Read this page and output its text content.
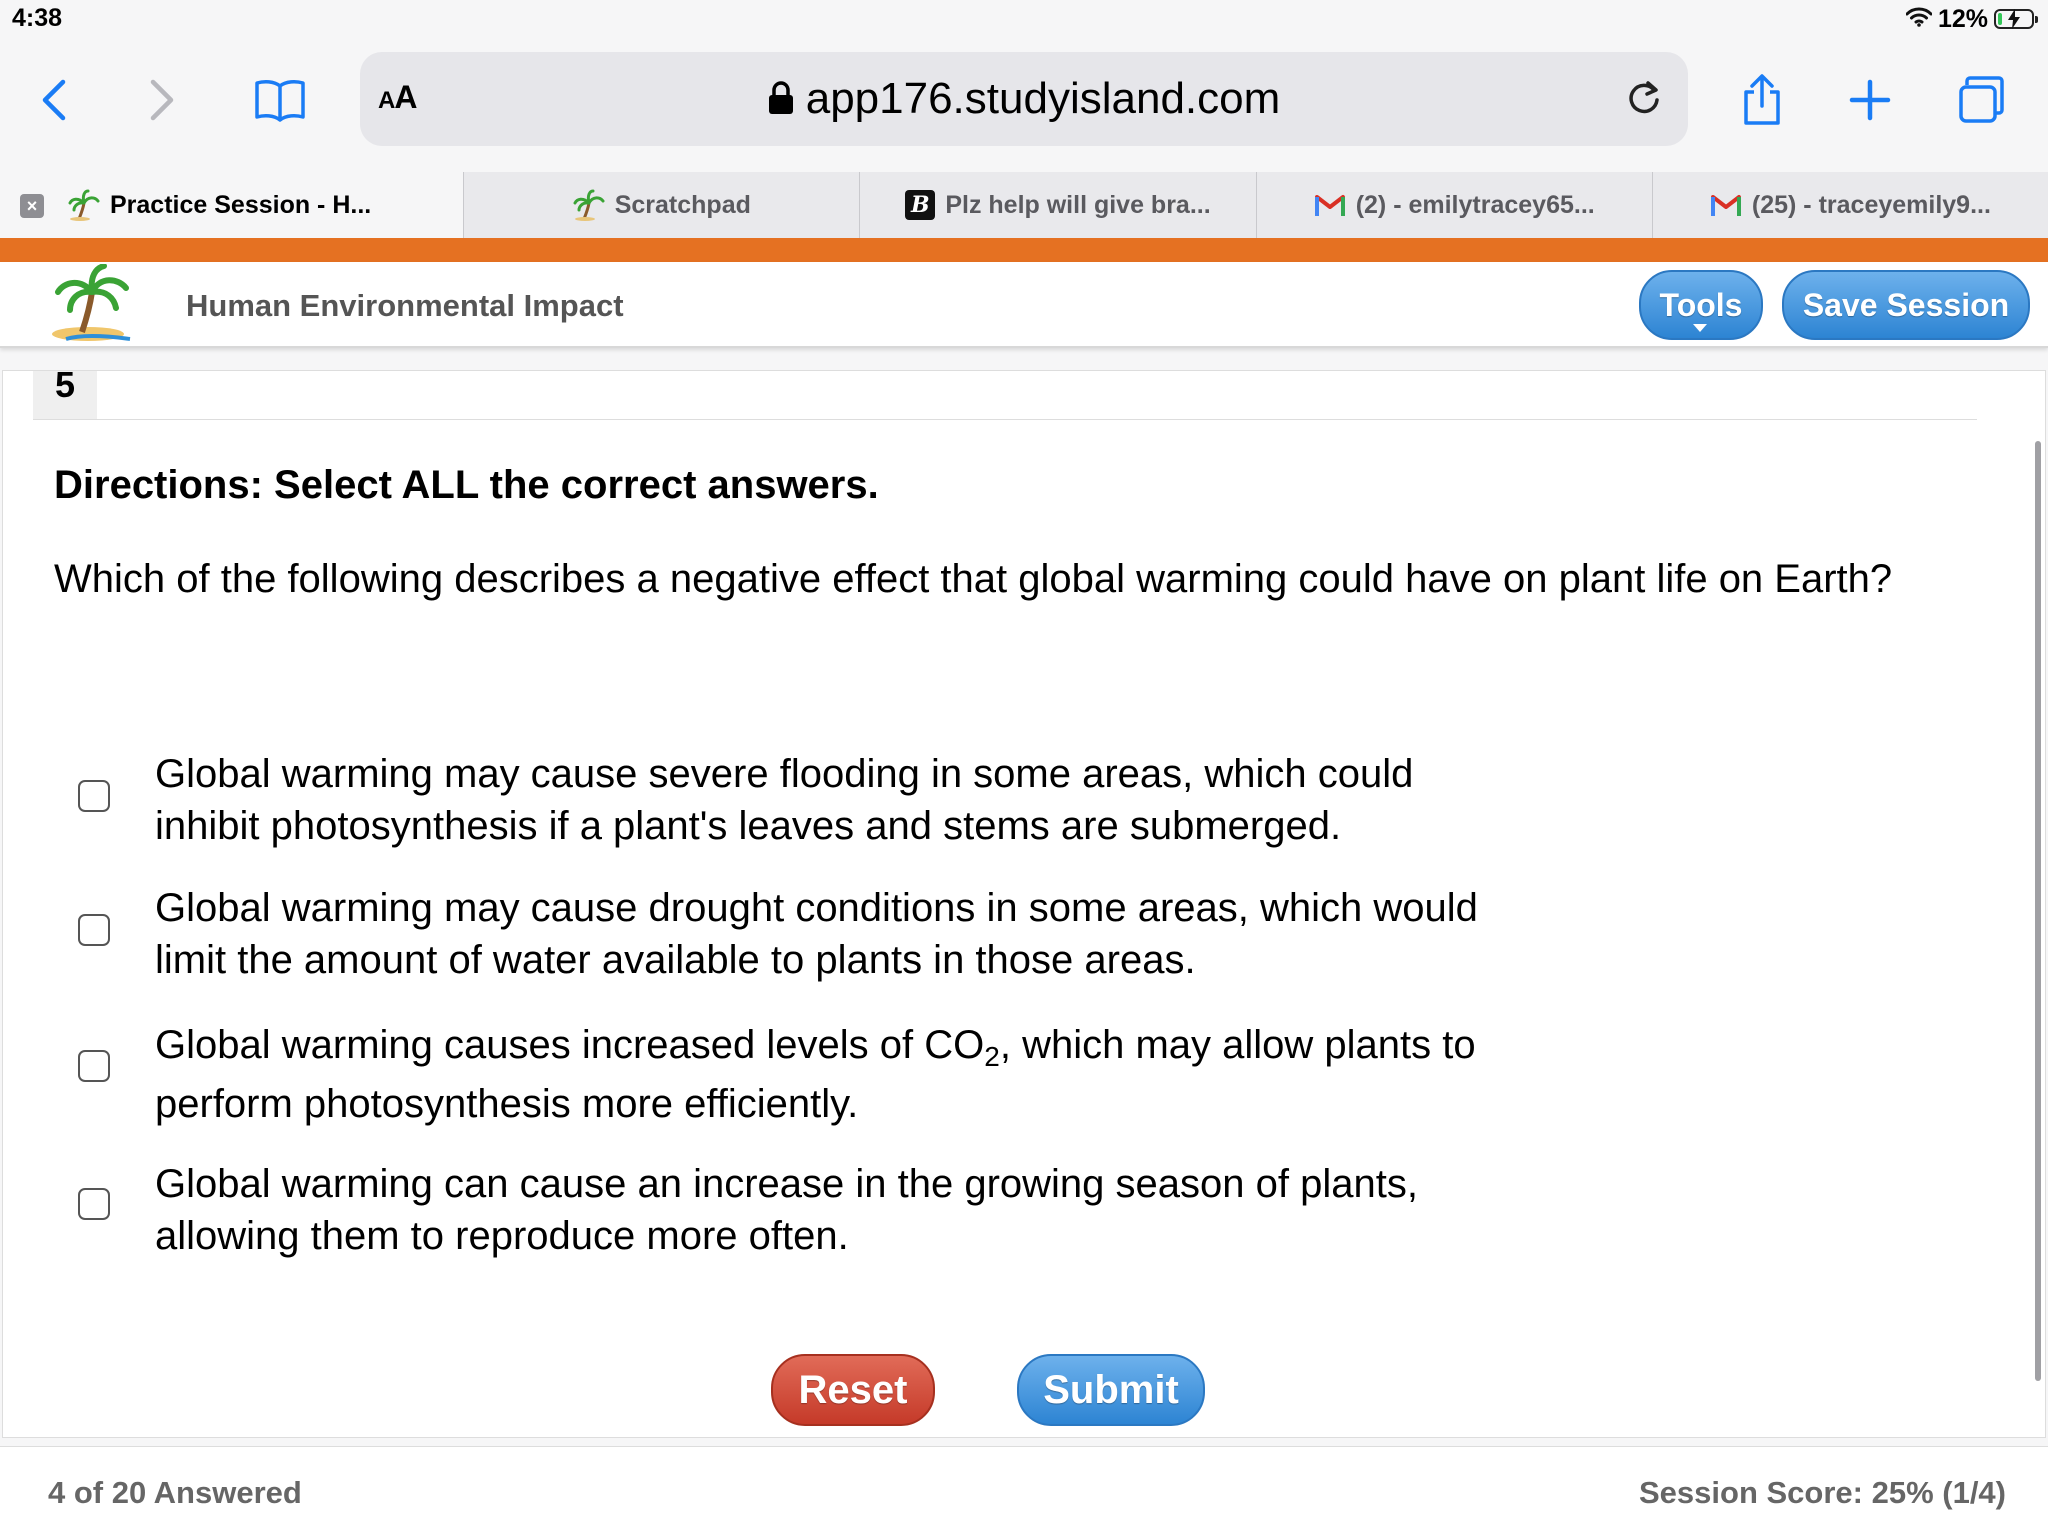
4:38	12%
AA	app176.studyisland.com
×	Practice Session - H...	Scratchpad	B Plz help will give bra...	(2) - emilytracey65...	(25) - traceyemily9...
Human Environmental Impact	Tools	Save Session
5
Directions: Select ALL the correct answers.
Which of the following describes a negative effect that global warming could have on plant life on Earth?
Global warming may cause severe flooding in some areas, which could inhibit photosynthesis if a plant's leaves and stems are submerged.
Global warming may cause drought conditions in some areas, which would limit the amount of water available to plants in those areas.
Global warming causes increased levels of $CO_2$, which may allow plants to perform photosynthesis more efficiently.
Global warming can cause an increase in the growing season of plants, allowing them to reproduce more often.
Reset	Submit
4 of 20 Answered	Session Score: 25% (1/4)
